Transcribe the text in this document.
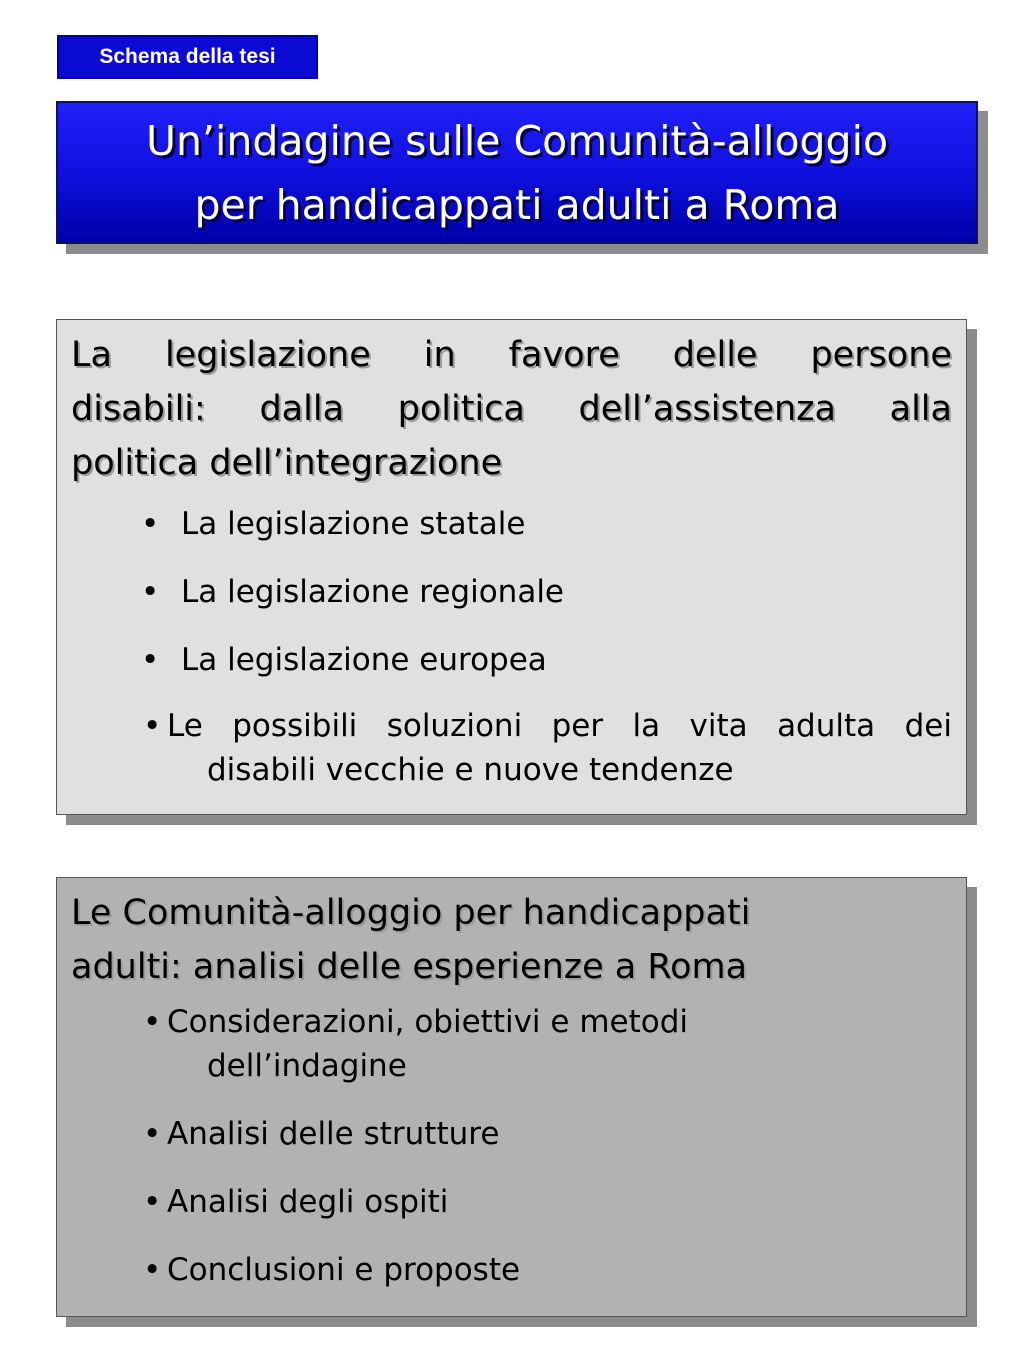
Schema della tesi
Un’indagine sulle Comunità-alloggio
per handicappati adulti a Roma
La legislazione in favore delle persone
disabili: dalla politica dell’assistenza alla
politica dell’integrazione
• La legislazione statale
• La legislazione regionale
• La legislazione europea
• Le possibili soluzioni per la vita adulta dei
disabili vecchie e nuove tendenze
Le Comunità-alloggio per handicappati
adulti: analisi delle esperienze a Roma
• Considerazioni, obiettivi e metodi
dell’indagine
• Analisi delle strutture
• Analisi degli ospiti
• Conclusioni e proposte
